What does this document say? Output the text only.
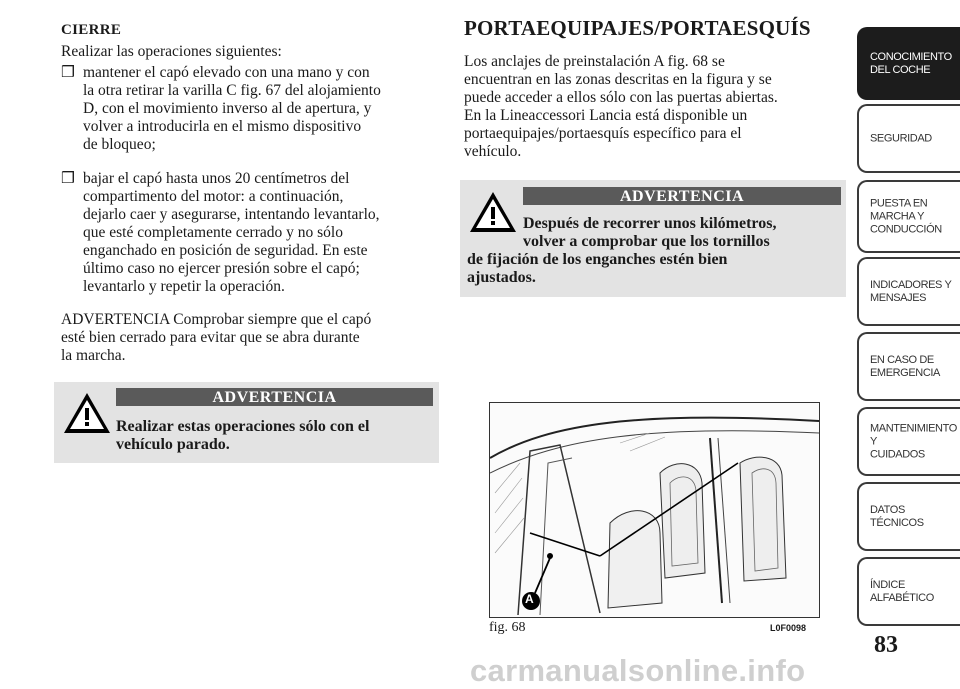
CIERRE
Realizar las operaciones siguientes:
❒ mantener el capó elevado con una mano y con
la otra retirar la varilla C fig. 67 del alojamiento
D, con el movimiento inverso al de apertura, y
volver a introducirla en el mismo dispositivo
de bloqueo;
❒ bajar el capó hasta unos 20 centímetros del
compartimento del motor: a continuación,
dejarlo caer y asegurarse, intentando levantarlo,
que esté completamente cerrado y no sólo
enganchado en posición de seguridad. En este
último caso no ejercer presión sobre el capó;
levantarlo y repetir la operación.
ADVERTENCIA Comprobar siempre que el capó
esté bien cerrado para evitar que se abra durante
la marcha.
ADVERTENCIA
Realizar estas operaciones sólo con el
vehículo parado.
PORTAEQUIPAJES/PORTAESQUÍS
Los anclajes de preinstalación A fig. 68 se
encuentran en las zonas descritas en la figura y se
puede acceder a ellos sólo con las puertas abiertas.
En la Lineaccessori Lancia está disponible un
portaequipajes/portaesquís específico para el
vehículo.
ADVERTENCIA
Después de recorrer unos kilómetros,
volver a comprobar que los tornillos
de fijación de los enganches estén bien
ajustados.
A
fig. 68	L0F0098
CONOCIMIENTO
DEL COCHE
SEGURIDAD
PUESTA EN
MARCHA Y
CONDUCCIÓN
INDICADORES Y
MENSAJES
EN CASO DE
EMERGENCIA
MANTENIMIENTO Y
CUIDADOS
DATOS TÉCNICOS
ÍNDICE
ALFABÉTICO
83
carmanualsonline.info
